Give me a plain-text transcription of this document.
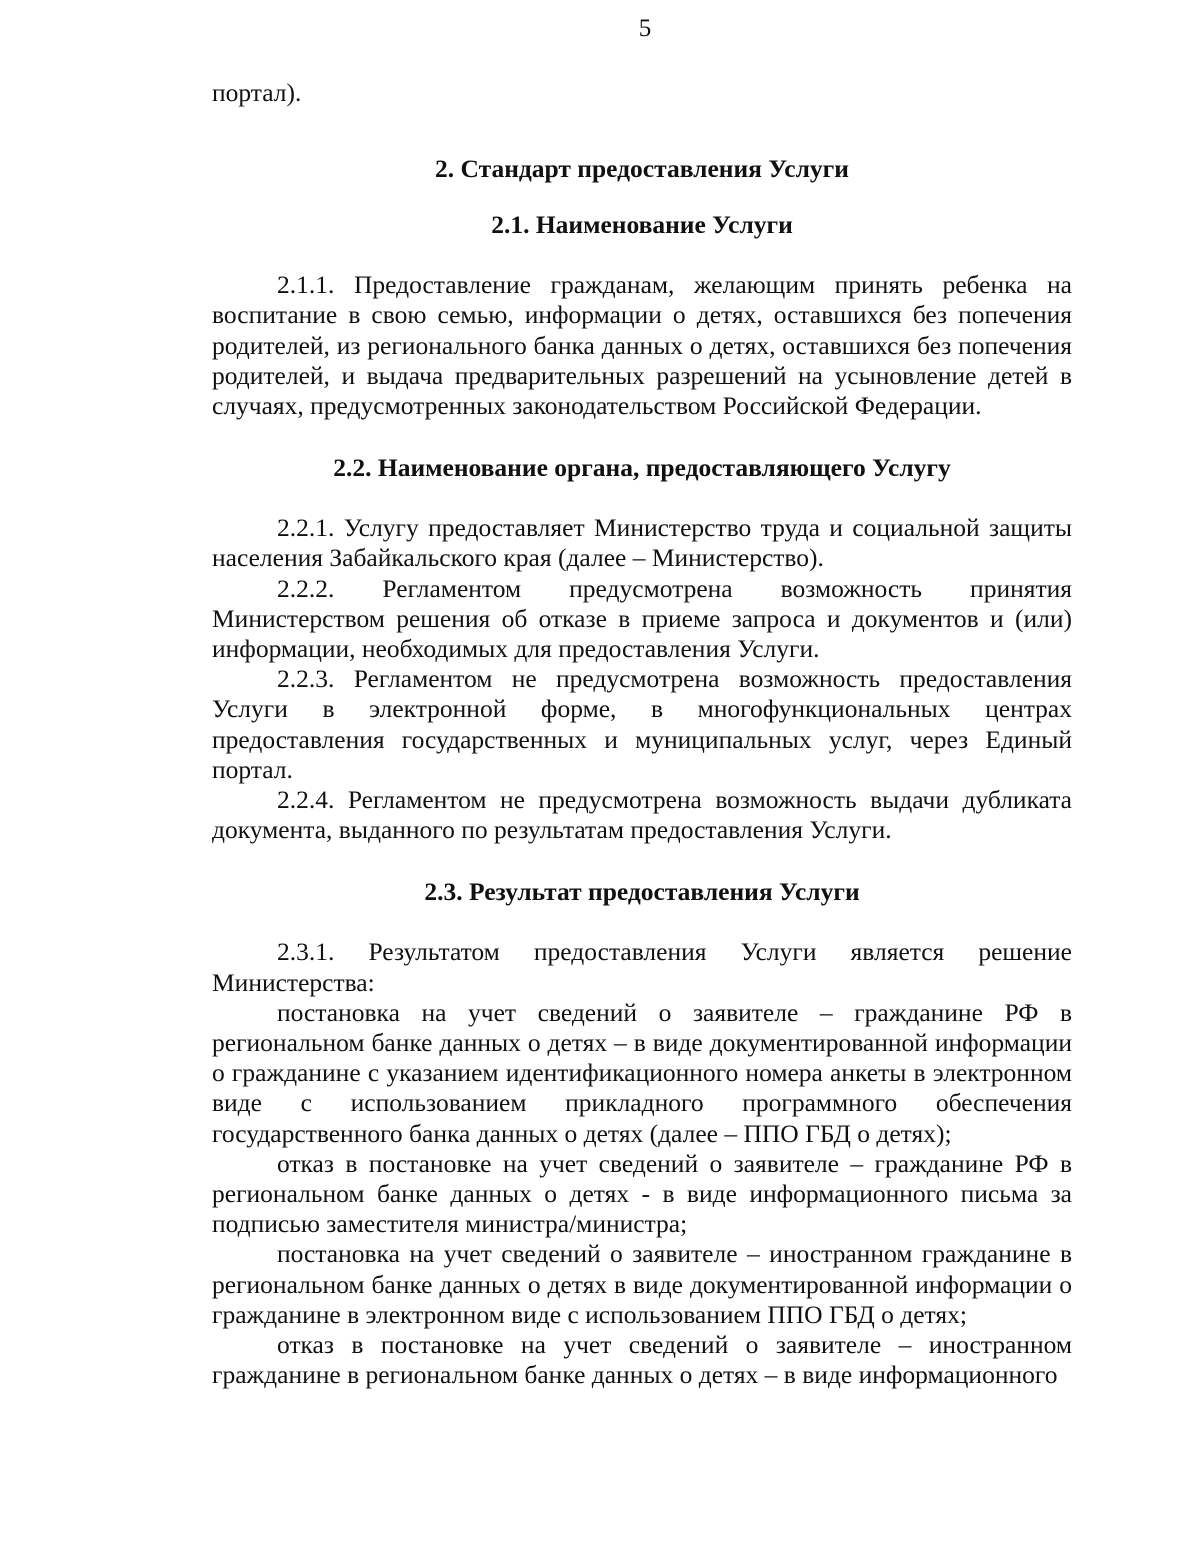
5

портал).

2. Стандарт предоставления Услуги
2.1. Наименование Услуги

2.1.1. Предоставление гражданам, желающим принять ребенка на воспитание в свою семью, информации о детях, оставшихся без попечения родителей, из регионального банка данных о детях, оставшихся без попечения родителей, и выдача предварительных разрешений на усыновление детей в случаях, предусмотренных законодательством Российской Федерации.

2.2. Наименование органа, предоставляющего Услугу

2.2.1. Услугу предоставляет Министерство труда и социальной защиты населения Забайкальского края (далее – Министерство).

2.2.2. Регламентом предусмотрена возможность принятия Министерством решения об отказе в приеме запроса и документов и (или) информации, необходимых для предоставления Услуги.

2.2.3. Регламентом не предусмотрена возможность предоставления Услуги в электронной форме, в многофункциональных центрах предоставления государственных и муниципальных услуг, через Единый портал.

2.2.4. Регламентом не предусмотрена возможность выдачи дубликата документа, выданного по результатам предоставления Услуги.

2.3. Результат предоставления Услуги

2.3.1. Результатом предоставления Услуги является решение Министерства:

постановка на учет сведений о заявителе – гражданине РФ в региональном банке данных о детях – в виде документированной информации о гражданине с указанием идентификационного номера анкеты в электронном виде с использованием прикладного программного обеспечения государственного банка данных о детях (далее – ППО ГБД о детях);

отказ в постановке на учет сведений о заявителе – гражданине РФ в региональном банке данных о детях - в виде информационного письма за подписью заместителя министра/министра;

постановка на учет сведений о заявителе – иностранном гражданине в региональном банке данных о детях в виде документированной информации о гражданине в электронном виде с использованием ППО ГБД о детях;

отказ в постановке на учет сведений о заявителе – иностранном гражданине в региональном банке данных о детях – в виде информационного
